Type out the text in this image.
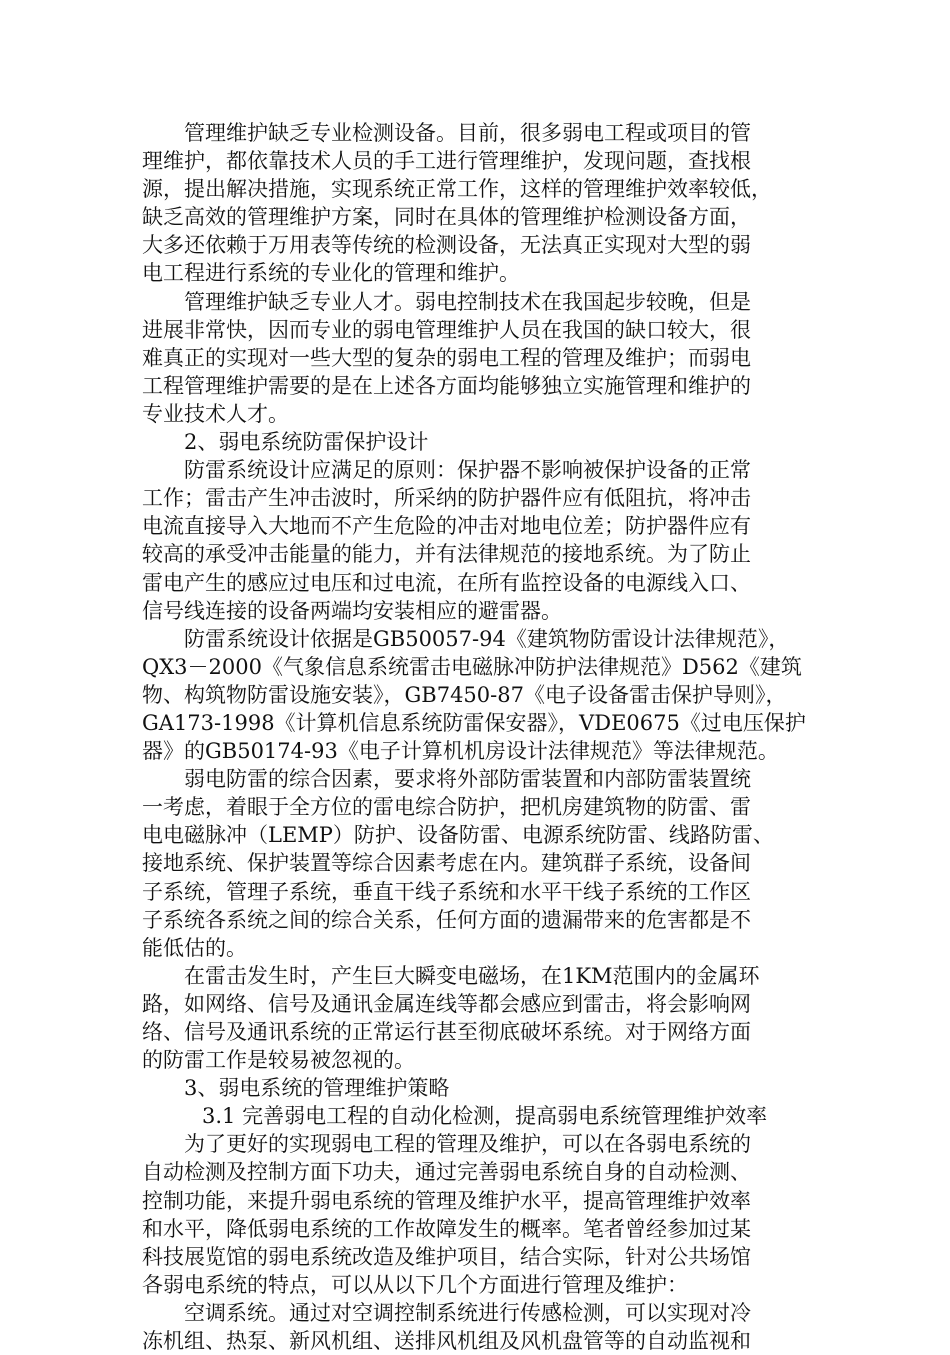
管理维护缺乏专业检测设备。目前，很多弱电工程或项目的管
理维护，都依靠技术人员的手工进行管理维护，发现问题，查找根
源，提出解决措施，实现系统正常工作，这样的管理维护效率较低，
缺乏高效的管理维护方案，同时在具体的管理维护检测设备方面，
大多还依赖于万用表等传统的检测设备，无法真正实现对大型的弱
电工程进行系统的专业化的管理和维护。
管理维护缺乏专业人才。弱电控制技术在我国起步较晚，但是
进展非常快，因而专业的弱电管理维护人员在我国的缺口较大，很
难真正的实现对一些大型的复杂的弱电工程的管理及维护；而弱电
工程管理维护需要的是在上述各方面均能够独立实施管理和维护的
专业技术人才。
2、弱电系统防雷保护设计
防雷系统设计应满足的原则：保护器不影响被保护设备的正常
工作；雷击产生冲击波时，所采纳的防护器件应有低阻抗，将冲击
电流直接导入大地而不产生危险的冲击对地电位差；防护器件应有
较高的承受冲击能量的能力，并有法律规范的接地系统。为了防止
雷电产生的感应过电压和过电流，在所有监控设备的电源线入口、
信号线连接的设备两端均安装相应的避雷器。
防雷系统设计依据是GB50057-94《建筑物防雷设计法律规范》，
QX3－2000《气象信息系统雷击电磁脉冲防护法律规范》D562《建筑
物、构筑物防雷设施安装》，GB7450-87《电子设备雷击保护导则》，
GA173-1998《计算机信息系统防雷保安器》，VDE0675《过电压保护
器》的GB50174-93《电子计算机机房设计法律规范》等法律规范。
弱电防雷的综合因素，要求将外部防雷装置和内部防雷装置统
一考虑，着眼于全方位的雷电综合防护，把机房建筑物的防雷、雷
电电磁脉冲（LEMP）防护、设备防雷、电源系统防雷、线路防雷、
接地系统、保护装置等综合因素考虑在内。建筑群子系统，设备间
子系统，管理子系统，垂直干线子系统和水平干线子系统的工作区
子系统各系统之间的综合关系，任何方面的遗漏带来的危害都是不
能低估的。
在雷击发生时，产生巨大瞬变电磁场，在1KM范围内的金属环
路，如网络、信号及通讯金属连线等都会感应到雷击，将会影响网
络、信号及通讯系统的正常运行甚至彻底破坏系统。对于网络方面
的防雷工作是较易被忽视的。
3、弱电系统的管理维护策略
3.1 完善弱电工程的自动化检测，提高弱电系统管理维护效率
为了更好的实现弱电工程的管理及维护，可以在各弱电系统的
自动检测及控制方面下功夫，通过完善弱电系统自身的自动检测、
控制功能，来提升弱电系统的管理及维护水平，提高管理维护效率
和水平，降低弱电系统的工作故障发生的概率。笔者曾经参加过某
科技展览馆的弱电系统改造及维护项目，结合实际，针对公共场馆
各弱电系统的特点，可以从以下几个方面进行管理及维护：
空调系统。通过对空调控制系统进行传感检测，可以实现对冷
冻机组、热泵、新风机组、送排风机组及风机盘管等的自动监视和
